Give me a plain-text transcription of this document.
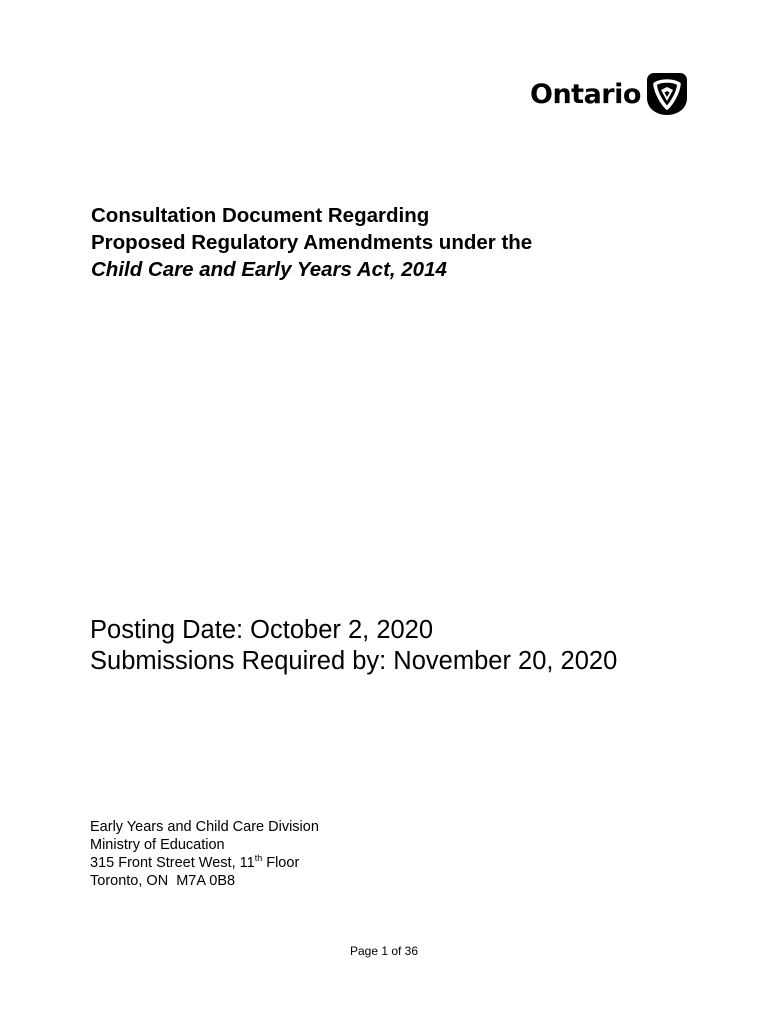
Ontario
Consultation Document Regarding
Proposed Regulatory Amendments under the
Child Care and Early Years Act, 2014
Posting Date: October 2, 2020
Submissions Required by: November 20, 2020
Early Years and Child Care Division
Ministry of Education
315 Front Street West, 11th Floor
Toronto, ON  M7A 0B8
Page 1 of 36
